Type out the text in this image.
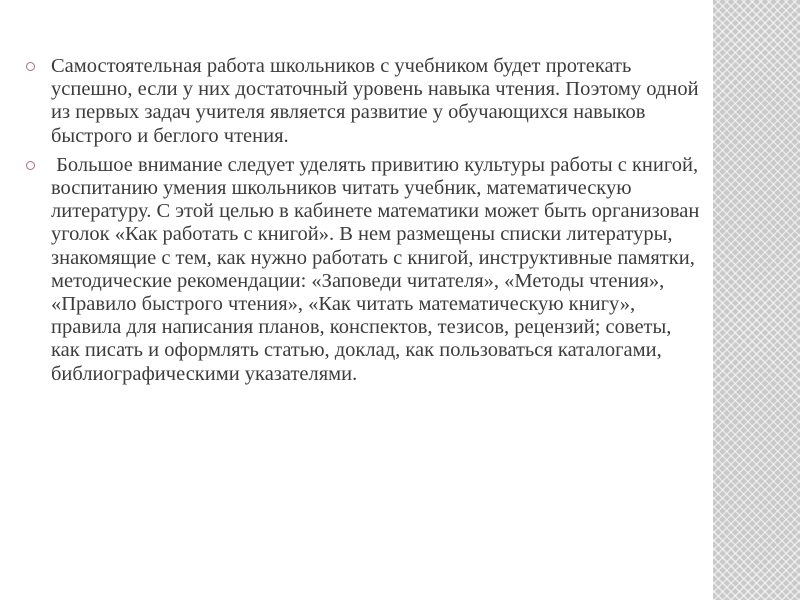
Самостоятельная работа школьников с учебником будет протекать успешно, если у них достаточный уровень навыка чтения. Поэтому одной из первых задач учителя является развитие у обучающихся навыков быстрого и беглого чтения.
Большое внимание следует уделять привитию культуры работы с книгой, воспитанию умения школьников читать учебник, математическую литературу. С этой целью в кабинете математики может быть организован уголок «Как работать с книгой». В нем размещены списки литературы, знакомящие с тем, как нужно работать с книгой, инструктивные памятки, методические рекомендации: «Заповеди читателя», «Методы чтения», «Правило быстрого чтения», «Как читать математическую книгу», правила для написания планов, конспектов, тезисов, рецензий; советы, как писать и оформлять статью, доклад, как пользоваться каталогами, библиографическими указателями.
